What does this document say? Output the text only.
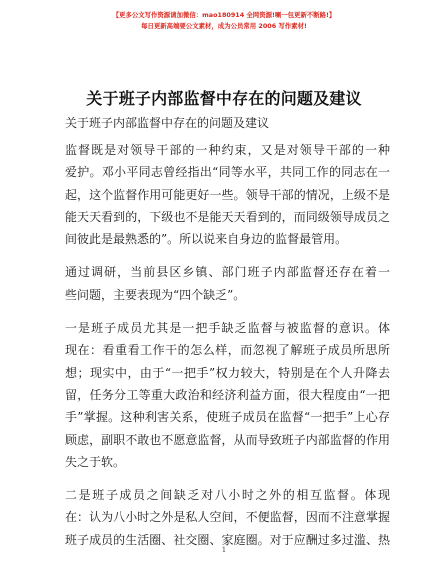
【更多公文写作资源请加微信：mao180914 全网资源!喇一包更新不断路!】
每日更新高端要公文素材，成为公员常用 2006 写作素材!
关于班子内部监督中存在的问题及建议
关于班子内部监督中存在的问题及建议
监督既是对领导干部的一种约束，又是对领导干部的一种
爱护。邓小平同志曾经指出“同等水平，共同工作的同志在一
起，这个监督作用可能更好一些。领导干部的情况，上级不是
能天天看到的，下级也不是能天天看到的，而同级领导成员之
间彼此是最熟悉的”。所以说来自身边的监督最管用。
通过调研，当前县区乡镇、部门班子内部监督还存在着一
些问题，主要表现为“四个缺乏”。
一是班子成员尤其是一把手缺乏监督与被监督的意识。体
现在：看重看工作干的怎么样，而忽视了解班子成员所思所
想；现实中，由于“一把手”权力较大，特别是在个人升降去
留，任务分工等重大政治和经济利益方面，很大程度由“一把
手”掌握。这种利害关系，使班子成员在监督“一把手”上心存
顾虑，副职不敢也不愿意监督，从而导致班子内部监督的作用
失之于软。
二是班子成员之间缺乏对八小时之外的相互监督。体现
在：认为八小时之外是私人空间，不便监督，因而不注意掌握
班子成员的生活圈、社交圈、家庭圈。对于应酬过多过滥、热
1
